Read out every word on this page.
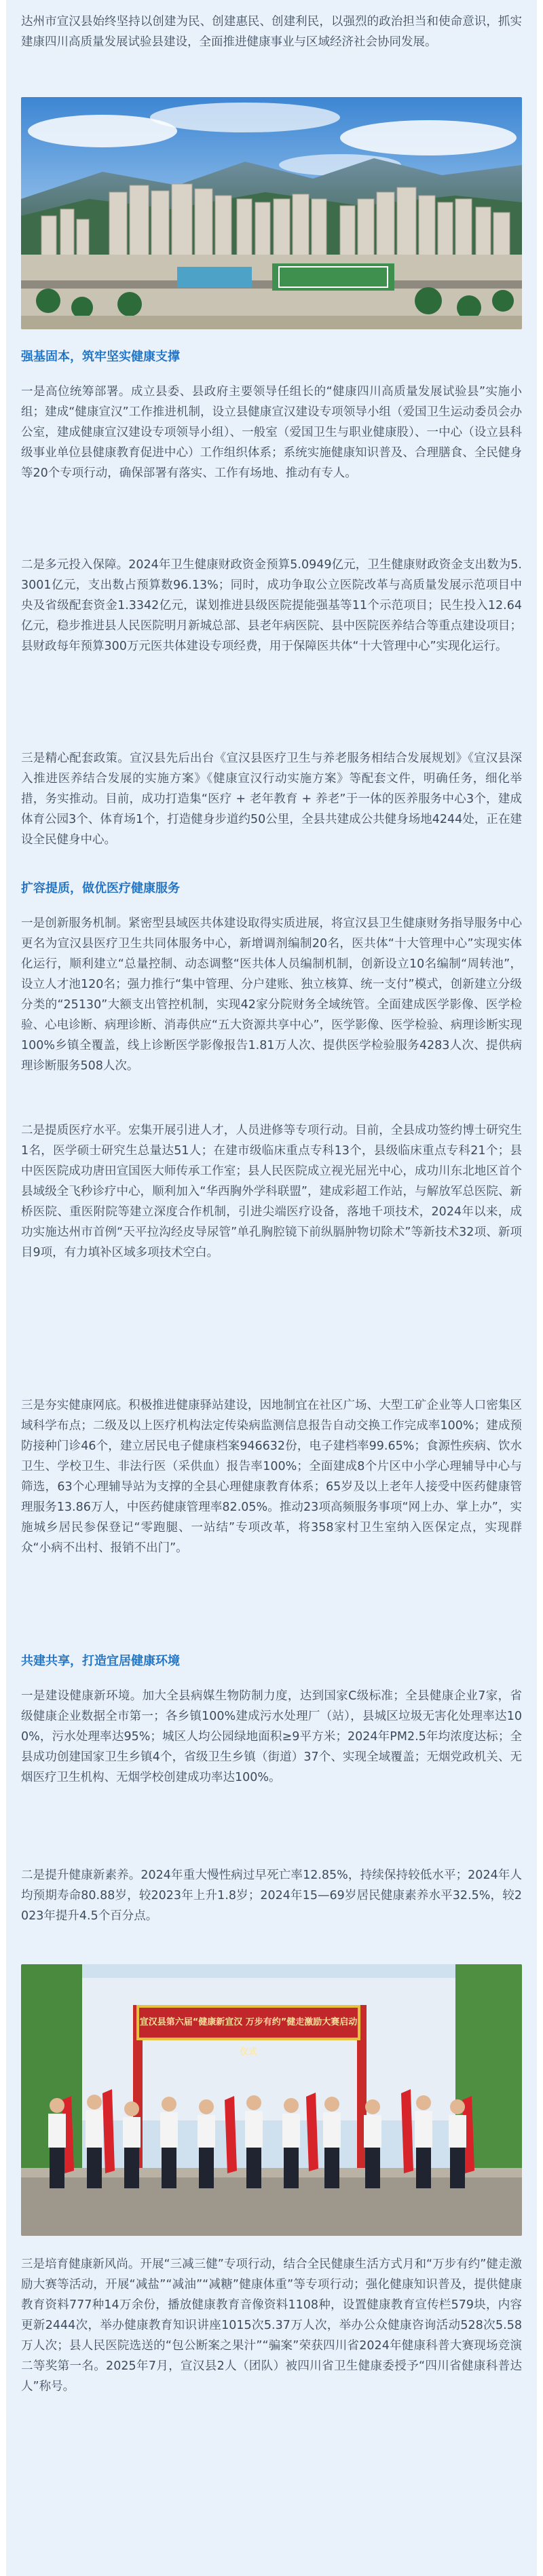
达州市宣汉县始终坚持以创建为民、创建惠民、创建利民，以强烈的政治担当和使命意识，抓实建康四川高质量发展试验县建设，全面推进健康事业与区域经济社会协同发展。

强基固本，筑牢坚实健康支撑

一是高位统筹部署。成立县委、县政府主要领导任组长的“健康四川高质量发展试验县”实施小组；建成“健康宣汉”工作推进机制，设立县健康宣汉建设专项领导小组（爱国卫生运动委员会办公室，建成健康宣汉建设专项领导小组）、一般室（爱国卫生与职业健康股）、一中心（设立县科级事业单位县健康教育促进中心）工作组织体系；系统实施健康知识普及、合理膳食、全民健身等20个专项行动，确保部署有落实、工作有场地、推动有专人。

二是多元投入保障。2024年卫生健康财政资金预算5.0949亿元，卫生健康财政资金支出数为5.3001亿元，支出数占预算数96.13%；同时，成功争取公立医院改革与高质量发展示范项目中央及省级配套资金1.3342亿元，谋划推进县级医院提能强基等11个示范项目；民生投入12.64亿元，稳步推进县人民医院明月新城总部、县老年病医院、县中医院医养结合等重点建设项目；县财政每年预算300万元医共体建设专项经费，用于保障医共体“十大管理中心”实现化运行。

三是精心配套政策。宣汉县先后出台《宣汉县医疗卫生与养老服务相结合发展规划》《宣汉县深入推进医养结合发展的实施方案》《健康宣汉行动实施方案》等配套文件，明确任务，细化举措，务实推动。目前，成功打造集“医疗 + 老年教育 + 养老”于一体的医养服务中心3个，建成体育公园3个、体育场1个，打造健身步道约50公里，全县共建成公共健身场地4244处，正在建设全民健身中心。

扩容提质，做优医疗健康服务

一是创新服务机制。紧密型县域医共体建设取得实质进展，将宣汉县卫生健康财务指导服务中心更名为宣汉县医疗卫生共同体服务中心，新增调剂编制20名，医共体“十大管理中心”实现实体化运行，顺利建立“总量控制、动态调整“医共体人员编制机制，创新设立10名编制“周转池”，设立人才池120名；强力推行“集中管理、分户建账、独立核算、统一支付”模式，创新建立分级分类的“25130”大额支出管控机制，实现42家分院财务全域统管。全面建成医学影像、医学检验、心电诊断、病理诊断、消毒供应“五大资源共享中心”，医学影像、医学检验、病理诊断实现100%乡镇全覆盖，线上诊断医学影像报告1.81万人次、提供医学检验服务4283人次、提供病理诊断服务508人次。

二是提质医疗水平。宏集开展引进人才，人员进修等专项行动。目前，全县成功签约博士研究生1名，医学硕士研究生总量达51人；在建市级临床重点专科13个，县级临床重点专科21个；县中医医院成功唐田宣国医大师传承工作室；县人民医院成立视光屈光中心，成功川东北地区首个县域级全飞秒诊疗中心，顺利加入“华西胸外学科联盟”，建成彩超工作站，与解放军总医院、新桥医院、重医附院等建立深度合作机制，引进尖端医疗设备，落地千项技术，2024年以来，成功实施达州市首例“天平拉沟经皮导尿管”单孔胸腔镜下前纵膈肿物切除术”等新技术32项、新项目9项，有力填补区域多项技术空白。

三是夯实健康网底。积极推进健康驿站建设，因地制宜在社区广场、大型工矿企业等人口密集区域科学布点；二级及以上医疗机构法定传染病监测信息报告自动交换工作完成率100%；建成预防接种门诊46个，建立居民电子健康档案946632份，电子建档率99.65%；食源性疾病、饮水卫生、学校卫生、非法行医（采供血）报告率100%；全面建成8个片区中小学心理辅导中心与筛选，63个心理辅导站为支撑的全县心理健康教育体系；65岁及以上老年人接受中医药健康管理服务13.86万人，中医药健康管理率82.05%。推动23项高频服务事项“网上办、掌上办”，实施城乡居民参保登记“零跑腿、一站结”专项改革，将358家村卫生室纳入医保定点，实现群众“小病不出村、报销不出门”。

共建共享，打造宜居健康环境

一是建设健康新环境。加大全县病媒生物防制力度，达到国家C级标准；全县健康企业7家，省级健康企业数据全市第一；各乡镇100%建成污水处理厂（站），县城区垃圾无害化处理率达100%，污水处理率达95%；城区人均公园绿地面积≥9平方米；2024年PM2.5年均浓度达标；全县成功创建国家卫生乡镇4个，省级卫生乡镇（街道）37个、实现全域覆盖；无烟党政机关、无烟医疗卫生机构、无烟学校创建成功率达100%。

二是提升健康新素养。2024年重大慢性病过早死亡率12.85%，持续保持较低水平；2024年人均预期寿命80.88岁，较2023年上升1.8岁；2024年15—69岁居民健康素养水平32.5%，较2023年提升4.5个百分点。

宣汉县第六届“健康新宣汉 万步有约”健走激励大赛启动仪式

三是培育健康新风尚。开展“三减三健”专项行动，结合全民健康生活方式月和“万步有约”健走激励大赛等活动，开展“减盐”“减油”“减糖”健康体重”等专项行动；强化健康知识普及，提供健康教育资料777种14万余份，播放健康教育音像资料1108种，设置健康教育宣传栏579块，内容更新2444次，举办健康教育知识讲座1015次5.37万人次，举办公众健康咨询活动528次5.58万人次；县人民医院选送的“包公断案之果汁”“骗案”荣获四川省2024年健康科普大赛现场竞演二等奖第一名。2025年7月，宣汉县2人（团队）被四川省卫生健康委授予“四川省健康科普达人”称号。
